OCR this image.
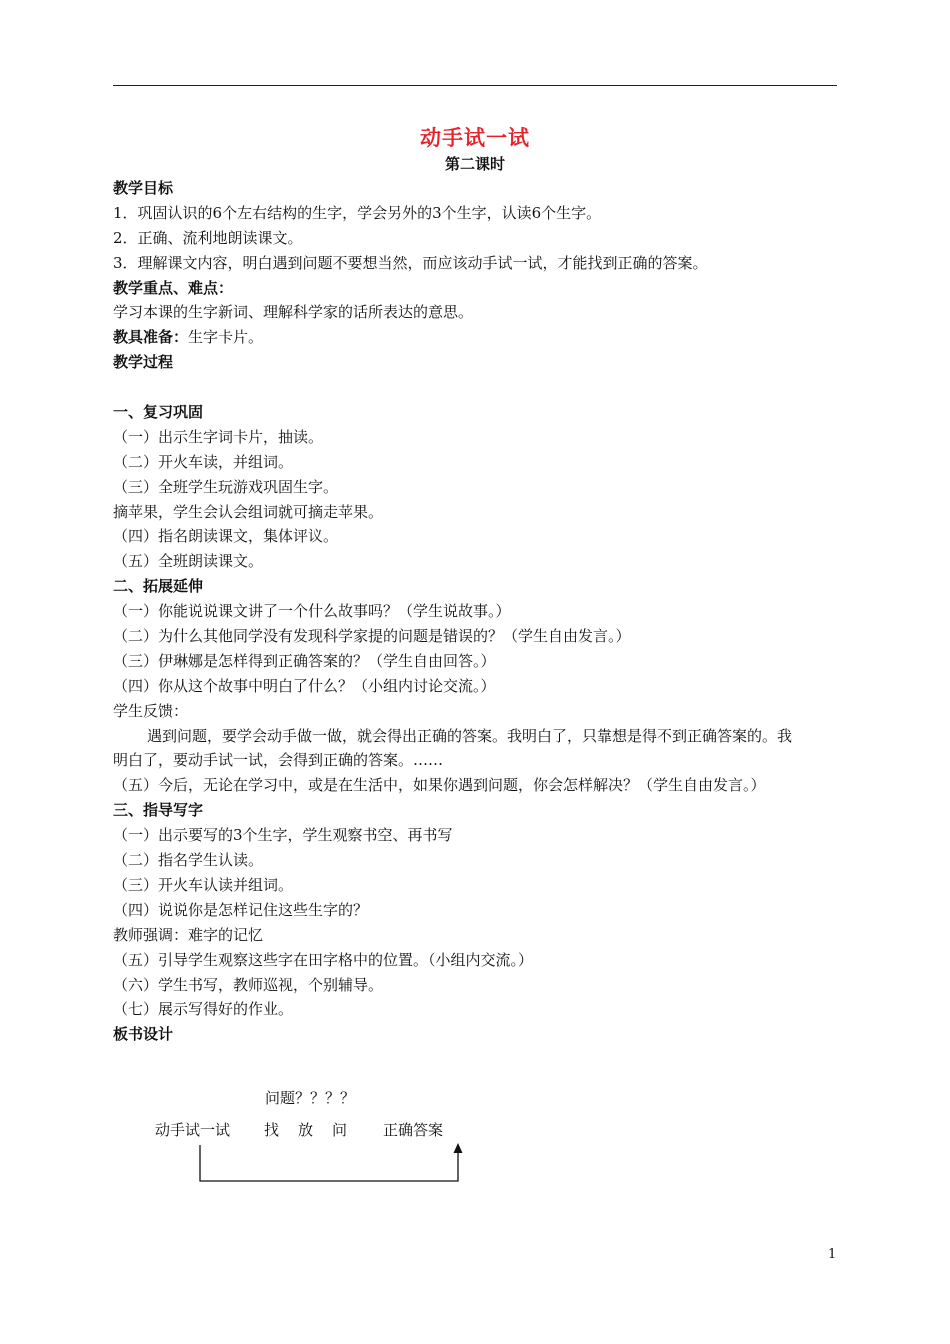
动手试一试
第二课时
教学目标
1．巩固认识的6个左右结构的生字，学会另外的3个生字，认读6个生字。
2．正确、流利地朗读课文。
3．理解课文内容，明白遇到问题不要想当然，而应该动手试一试，才能找到正确的答案。
教学重点、难点：
学习本课的生字新词、理解科学家的话所表达的意思。
教具准备：生字卡片。
教学过程
一、复习巩固
（一）出示生字词卡片，抽读。
（二）开火车读，并组词。
（三）全班学生玩游戏巩固生字。
摘苹果，学生会认会组词就可摘走苹果。
（四）指名朗读课文，集体评议。
（五）全班朗读课文。
二、拓展延伸
（一）你能说说课文讲了一个什么故事吗？（学生说故事。）
（二）为什么其他同学没有发现科学家提的问题是错误的？（学生自由发言。）
（三）伊琳娜是怎样得到正确答案的？（学生自由回答。）
（四）你从这个故事中明白了什么？（小组内讨论交流。）
学生反馈：
遇到问题，要学会动手做一做，就会得出正确的答案。我明白了，只靠想是得不到正确答案的。我
明白了，要动手试一试，会得到正确的答案。……
（五）今后，无论在学习中，或是在生活中，如果你遇到问题，你会怎样解决？（学生自由发言。）
三、指导写字
（一）出示要写的3个生字，学生观察书空、再书写
（二）指名学生认读。
（三）开火车认读并组词。
（四）说说你是怎样记住这些生字的？
教师强调：难字的记忆
（五）引导学生观察这些字在田字格中的位置。（小组内交流。）
（六）学生书写，教师巡视，个别辅导。
（七）展示写得好的作业。
板书设计
问题？？？？
动手试一试 找 放 问 正确答案
1
